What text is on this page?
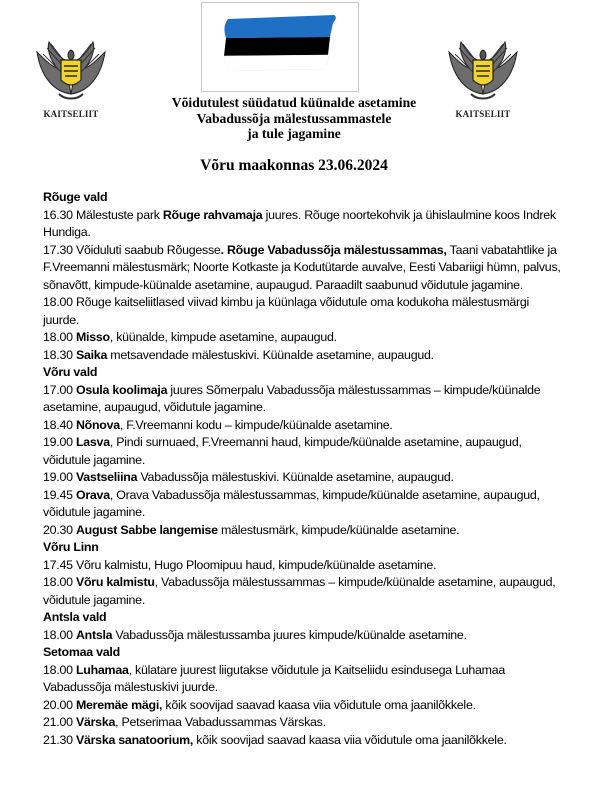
KAITSELIIT	KAITSELIIT
Võidutulest süüdatud küünalde asetamine
Vabadussõja mälestussammastele
ja tule jagamine
Võru maakonnas 23.06.2024
Rõuge vald
16.30 Mälestuste park Rõuge rahvamaja juures. Rõuge noortekohvik ja ühislaulmine koos Indrek Hundiga.
17.30 Võiduluti saabub Rõugesse. Rõuge Vabadussõja mälestussammas, Taani vabatahtlike ja F.Vreemanni mälestusmärk; Noorte Kotkaste ja Kodutütarde auvalve, Eesti Vabariigi hümn, palvus, sõnavõtt, kimpude-küünalde asetamine, aupaugud. Paraadilt saabunud võidutule jagamine.
18.00 Rõuge kaitseliitlased viivad kimbu ja küünlaga võidutule oma kodukoha mälestusmärgi juurde.
18.00 Misso, küünalde, kimpude asetamine, aupaugud.
18.30 Saika metsavendade mälestuskivi. Küünalde asetamine, aupaugud.
Võru vald
17.00 Osula koolimaja juures Sõmerpalu Vabadussõja mälestussammas – kimpude/küünalde asetamine, aupaugud, võidutule jagamine.
18.40 Nõnova, F.Vreemanni kodu – kimpude/küünalde asetamine.
19.00 Lasva, Pindi surnuaed, F.Vreemanni haud, kimpude/küünalde asetamine, aupaugud, võidutule jagamine.
19.00 Vastseliina Vabadussõja mälestuskivi. Küünalde asetamine, aupaugud.
19.45 Orava, Orava Vabadussõja mälestussammas, kimpude/küünalde asetamine, aupaugud, võidutule jagamine.
20.30 August Sabbe langemise mälestusmärk, kimpude/küünalde asetamine.
Võru Linn
17.45 Võru kalmistu, Hugo Ploomipuu haud, kimpude/küünalde asetamine.
18.00 Võru kalmistu, Vabadussõja mälestussammas – kimpude/küünalde asetamine, aupaugud, võidutule jagamine.
Antsla vald
18.00 Antsla Vabadussõja mälestussamba juures kimpude/küünalde asetamine.
Setomaa vald
18.00 Luhamaa, külatare juurest liigutakse võidutule ja Kaitseliidu esindusega Luhamaa Vabadussõja mälestuskivi juurde.
20.00 Meremäe mägi, kõik soovijad saavad kaasa viia võidutule oma jaanilõkkele.
21.00 Värska, Petserimaa Vabadussammas Värskas.
21.30 Värska sanatoorium, kõik soovijad saavad kaasa viia võidutule oma jaanilõkkele.
